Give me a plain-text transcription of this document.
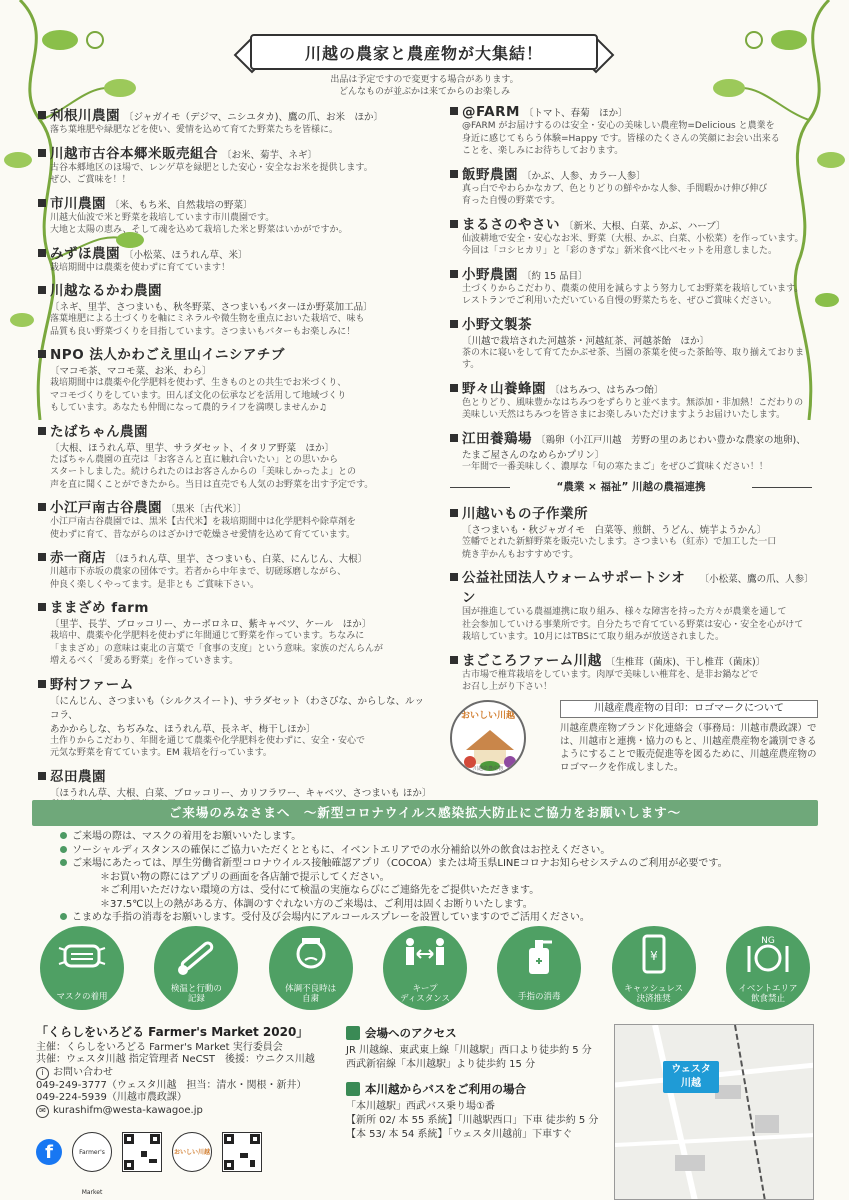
川越の農家と農産物が大集結！
出品は予定ですので変更する場合があります。
どんなものが並ぶかは来てからのお楽しみ
利根川農園 〔ジャガイモ（デジマ、ニシユタカ)、鷹の爪、お米　ほか〕
落ち葉堆肥や緑肥などを使い、愛情を込めて育てた野菜たちを皆様に。
川越市古谷本郷米販売組合 〔お米、菊芋、ネギ〕
古谷本郷地区のほ場で、レンゲ草を緑肥とした安心・安全なお米を提供します。
ぜひ、ご賞味を！！
市川農園 〔米、もち米、自然栽培の野菜〕
川越大仙波で米と野菜を栽培しています市川農園です。
大地と太陽の恵み、そして魂を込めて栽培した米と野菜はいかがですか。
みずほ農園 〔小松菜、ほうれん草、米〕
栽培期間中は農薬を使わずに育てています！
川越なるかわ農園
〔ネギ、里芋、さつまいも、秋冬野菜、さつまいもバターほか野菜加工品〕
落葉堆肥による土づくりを軸にミネラルや微生物を重点においた栽培で、味も
品質も良い野菜づくりを目指しています。さつまいもバターもお楽しみに！
NPO 法人かわごえ里山イニシアチブ
〔マコモ茶、マコモ菜、お米、わら〕
栽培期間中は農薬や化学肥料を使わず、生きものとの共生でお米づくり、
マコモづくりをしています。田んぼ文化の伝承などを活用して地域づくり
もしています。あなたも仲間になって農的ライフを満喫しませんか♫
たばちゃん農園
〔大根、ほうれん草、里芋、サラダセット、イタリア野菜　ほか〕
たばちゃん農園の直売は「お客さんと直に触れ合いたい」との思いから
スタートしました。続けられたのはお客さんからの「美味しかったよ」との
声を直に聞くことができたから。当日は直売でも人気のお野菜を出す予定です。
小江戸南古谷農園 〔黒米〔古代米〕〕
小江戸南古谷農園では、黒米【古代米】を栽培期間中は化学肥料や除草剤を
使わずに育て、昔ながらのはざかけで乾燥させ愛情を込めて育てています。
赤一商店 〔ほうれん草、里芋、さつまいも、白菜、にんじん、大根〕
川越市下赤坂の農家の団体です。若者から中年まで、切磋琢磨しながら、
仲良く楽しくやってます。是非とも ご賞味下さい。
ままざめ farm
〔里芋、長芋、ブロッコリー、カーボロネロ、紫キャベツ、ケール　ほか〕
栽培中、農薬や化学肥料を使わずに年間通じて野菜を作っています。ちなみに
「ままざめ」の意味は東北の言葉で「食事の支度」という意味。家族のだんらんが
増えるべく「愛ある野菜」を作っていきます。
野村ファーム
〔にんじん、さつまいも（シルクスイート)、サラダセット（わさびな、からしな、ルッコラ、
あかからしな、ちぢみな、ほうれん草、長ネギ、梅干しほか〕
土作りからこだわり、年間を通じて農薬や化学肥料を使わずに、安全・安心で
元気な野菜を育てています。EM 栽培を行っています。
忍田農園
〔ほうれん草、大根、白菜、ブロッコリー、カリフラワー、キャベツ、さつまいも ほか〕
@FARM 〔トマト、春菊　ほか〕
@FARM がお届けするのは安全・安心の美味しい農産物=Delicious と農業を
身近に感じてもらう体験=Happy です。皆様のたくさんの笑顔にお会い出来る
ことを、楽しみにお待ちしております。
飯野農園 〔かぶ、人参、カラー人参〕
真っ白でやわらかなカブ、色とりどりの鮮やかな人参、手間暇かけ伸び伸び
育った自慢の野菜です。
まるさのやさい 〔新米、大根、白菜、かぶ、ハーブ〕
仙波耕地で安全・安心なお米、野菜（大根、かぶ、白菜、小松菜）を作っています。
今回は「コシヒカリ」と「彩のきずな」新米食べ比べセットを用意しました。
小野農園 〔約 15 品目〕
土づくりからこだわり、農薬の使用を減らすよう努力してお野菜を栽培しています。
レストランでご利用いただいている自慢の野菜たちを、ぜひご賞味ください。
小野文製茶
〔川越で栽培された河越茶・河越紅茶、河越茶飴　ほか〕
茶の木に寝いをして育てたかぶせ茶、当園の茶葉を使った茶飴等、取り揃えております。
野々山養蜂園 〔はちみつ、はちみつ飴〕
色とりどり、風味豊かなはちみつをずらりと並べます。無添加・非加熱！こだわりの
美味しい天然はちみつを皆さまにお楽しみいただけますようお届けいたします。
江田養鶏場 〔鶏卵（小江戸川越　芳野の里のあじわい豊かな農家の地卵)、
たまご屋さんのなめらかプリン〕
一年間で一番美味しく、濃厚な「旬の寒たまご」をぜひご賞味ください！！
“農業 × 福祉” 川越の農福連携
川越いもの子作業所
〔さつまいも・秋ジャガイモ　白菜等、煎餅、うどん、焼芋ようかん〕
笠幡でとれた新鮮野菜を販売いたします。さつまいも（紅赤）で加工した一口
焼き芋かんもおすすめです。
公益社団法人ウォームサポートシオン
〔小松菜、鷹の爪、人参〕
国が推進している農福連携に取り組み、様々な障害を持った方々が農業を通して
社会参加していける事業所です。自分たちで育てている野菜は安心・安全を心がけて
栽培しています。10月にはTBSにて取り組みが放送されました。
まごころファーム川越 〔生椎茸（菌床)、干し椎茸（菌床)〕
古市場で椎茸栽培をしています。肉厚で美味しい椎茸を、是非お鍋などで
お召し上がり下さい！
おいしい川越
川越産農産物
川越産農産物の目印：ロゴマークについて
川越産農産物ブランド化連絡会（事務局：川越市農政課）では、川越市と連携・協力のもと、川越産農産物を識別できるようにすることで販売促進等を図るために、川越産農産物のロゴマークを作成しました。
ご来場のみなさまへ　〜新型コロナウイルス感染拡大防止にご協力をお願いします〜
ご来場の際は、マスクの着用をお願いいたします。
ソーシャルディスタンスの確保にご協力いただくとともに、イベントエリアでの水分補給以外の飲食はお控えください。
ご来場にあたっては、厚生労働省新型コロナウイルス接触確認アプリ（COCOA）または埼玉県LINEコロナお知らせシステムのご利用が必要です。
＊お買い物の際にはアプリの画面を各店舗で提示してください。
＊ご利用いただけない環境の方は、受付にて検温の実施ならびにご連絡先をご提供いただきます。
＊37.5℃以上の熱がある方、体調のすぐれない方のご来場は、ご利用は固くお断りいたします。
こまめな手指の消毒をお願いします。受付及び会場内にアルコールスプレーを設置していますのでご活用ください。
マスクの着用
検温と行動の
記録
体調不良時は
自粛
キープ
ディスタンス	手指の消毒
¥
キャッシュレス
決済推奨
NG
イベントエリア
飲食禁止
「くらしをいろどる Farmer's Market 2020」
主催：くらしをいろどる Farmer's Market 実行委員会
共催：ウェスタ川越 指定管理者 NeCST　後援：ウニクス川越
i お問い合わせ
049-249-3777（ウェスタ川越　担当：清水・関根・新井）
049-224-5939（川越市農政課）
✉ kurashifm@westa-kawagoe.jp
f	Farmer's Market
おいしい川越
会場へのアクセス
JR 川越線、東武東上線「川越駅」西口より徒歩約 5 分
西武新宿線「本川越駅」より徒歩約 15 分
本川越からバスをご利用の場合
「本川越駅」西武バス乗り場①番
【新所 02/ 本 55 系統】「川越駅西口」下車 徒歩約 5 分
【本 53/ 本 54 系統】「ウェスタ川越前」下車すぐ
ウェスタ
川越
